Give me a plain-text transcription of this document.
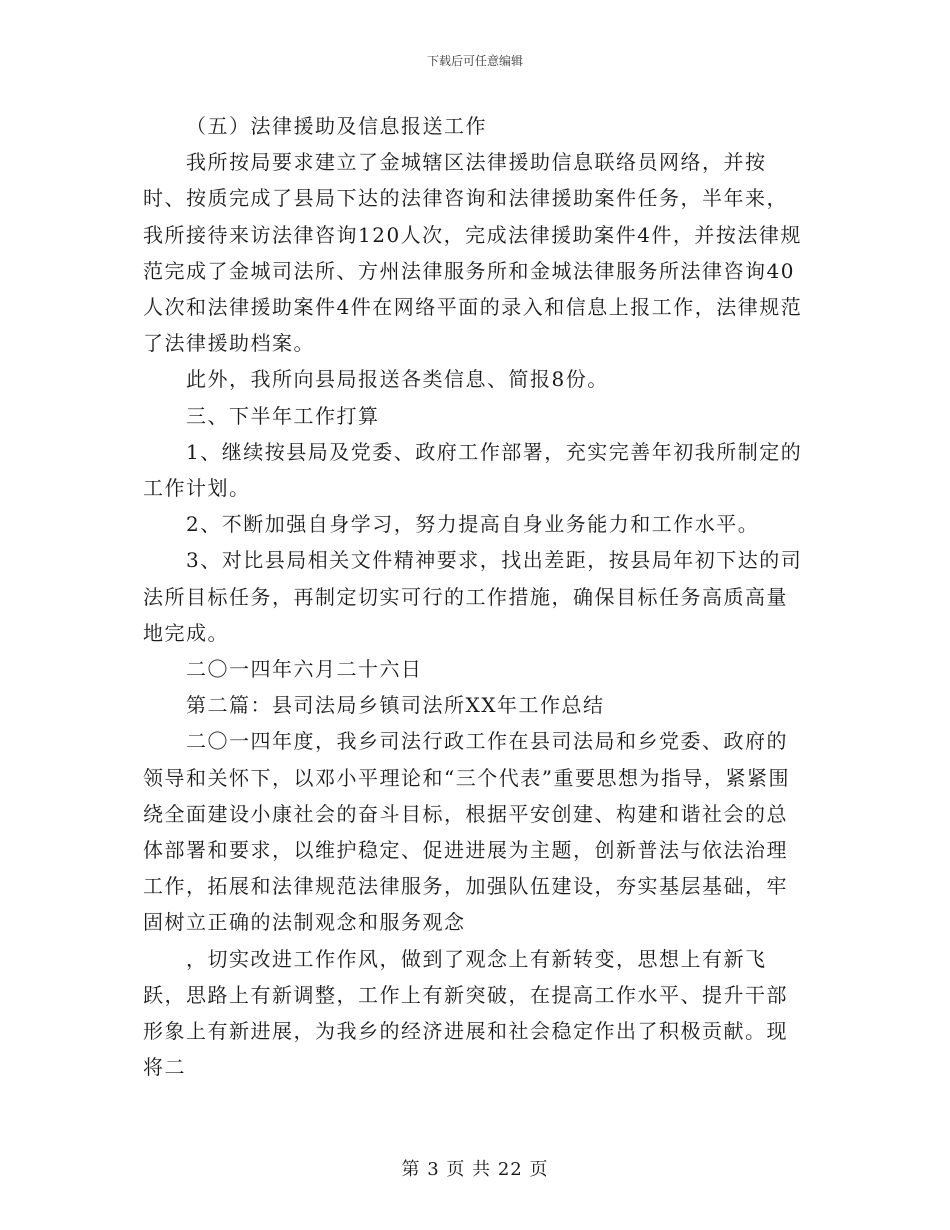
下载后可任意编辑

（五）法律援助及信息报送工作

我所按局要求建立了金城辖区法律援助信息联络员网络，并按时、按质完成了县局下达的法律咨询和法律援助案件任务，半年来，我所接待来访法律咨询120人次，完成法律援助案件4件，并按法律规范完成了金城司法所、方州法律服务所和金城法律服务所法律咨询40人次和法律援助案件4件在网络平面的录入和信息上报工作，法律规范了法律援助档案。

此外，我所向县局报送各类信息、简报8份。

三、下半年工作打算

1、继续按县局及党委、政府工作部署，充实完善年初我所制定的工作计划。

2、不断加强自身学习，努力提高自身业务能力和工作水平。

3、对比县局相关文件精神要求，找出差距，按县局年初下达的司法所目标任务，再制定切实可行的工作措施，确保目标任务高质高量地完成。

二〇一四年六月二十六日

第二篇：县司法局乡镇司法所XX年工作总结

二〇一四年度，我乡司法行政工作在县司法局和乡党委、政府的领导和关怀下，以邓小平理论和“三个代表”重要思想为指导，紧紧围绕全面建设小康社会的奋斗目标，根据平安创建、构建和谐社会的总体部署和要求，以维护稳定、促进进展为主题，创新普法与依法治理工作，拓展和法律规范法律服务，加强队伍建设，夯实基层基础，牢固树立正确的法制观念和服务观念

，切实改进工作作风，做到了观念上有新转变，思想上有新飞跃，思路上有新调整，工作上有新突破，在提高工作水平、提升干部形象上有新进展，为我乡的经济进展和社会稳定作出了积极贡献。现将二

第 3 页 共 22 页
